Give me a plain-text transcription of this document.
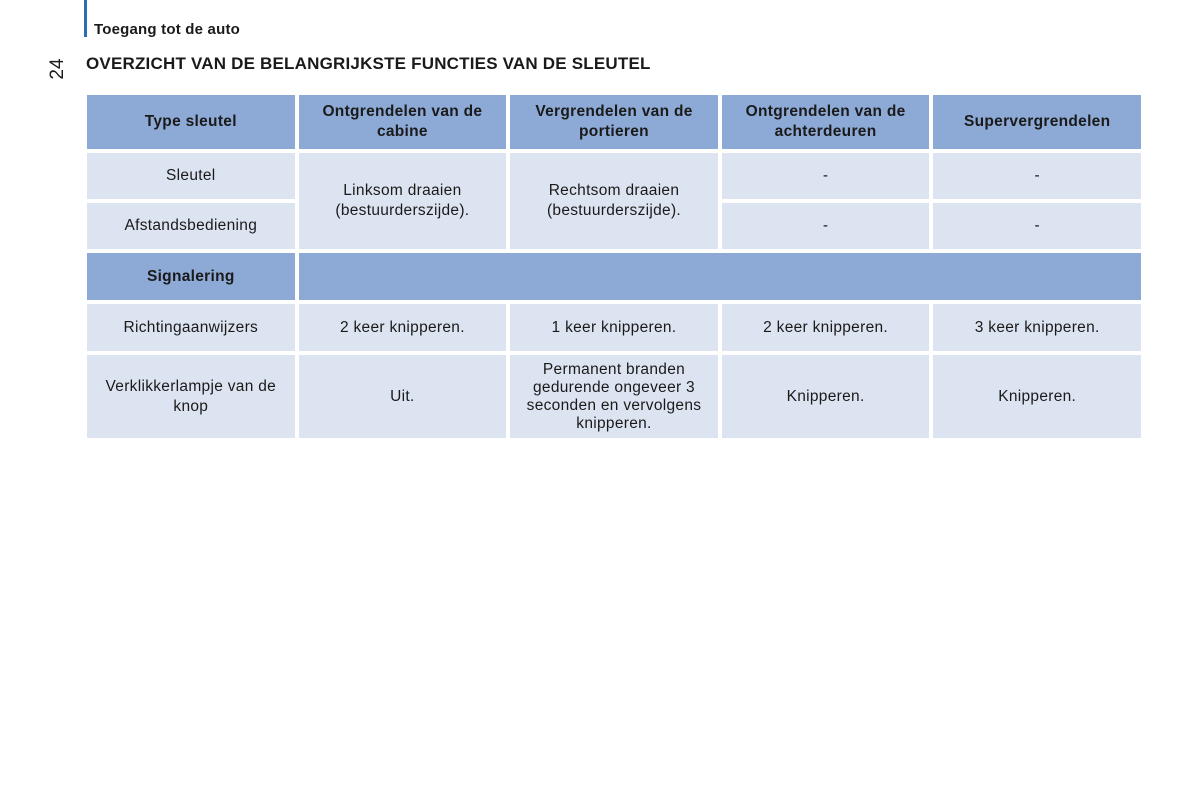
Toegang tot de auto
24 OVERZICHT VAN DE BELANGRIJKSTE FUNCTIES VAN DE SLEUTEL
Type sleutel	Ontgrendelen van de cabine	Vergrendelen van de portieren	Ontgrendelen van de achterdeuren	Supervergrendelen
Sleutel	Linksom draaien (bestuurderszijde).	Rechtsom draaien (bestuurderszijde).	-	-
Afstandsbediening			-	-
Signalering				
Richtingaanwijzers	2 keer knipperen.	1 keer knipperen.	2 keer knipperen.	3 keer knipperen.
Verklikkerlampje van de knop	Uit.	Permanent branden gedurende ongeveer 3 seconden en vervolgens knipperen.	Knipperen.	Knipperen.
